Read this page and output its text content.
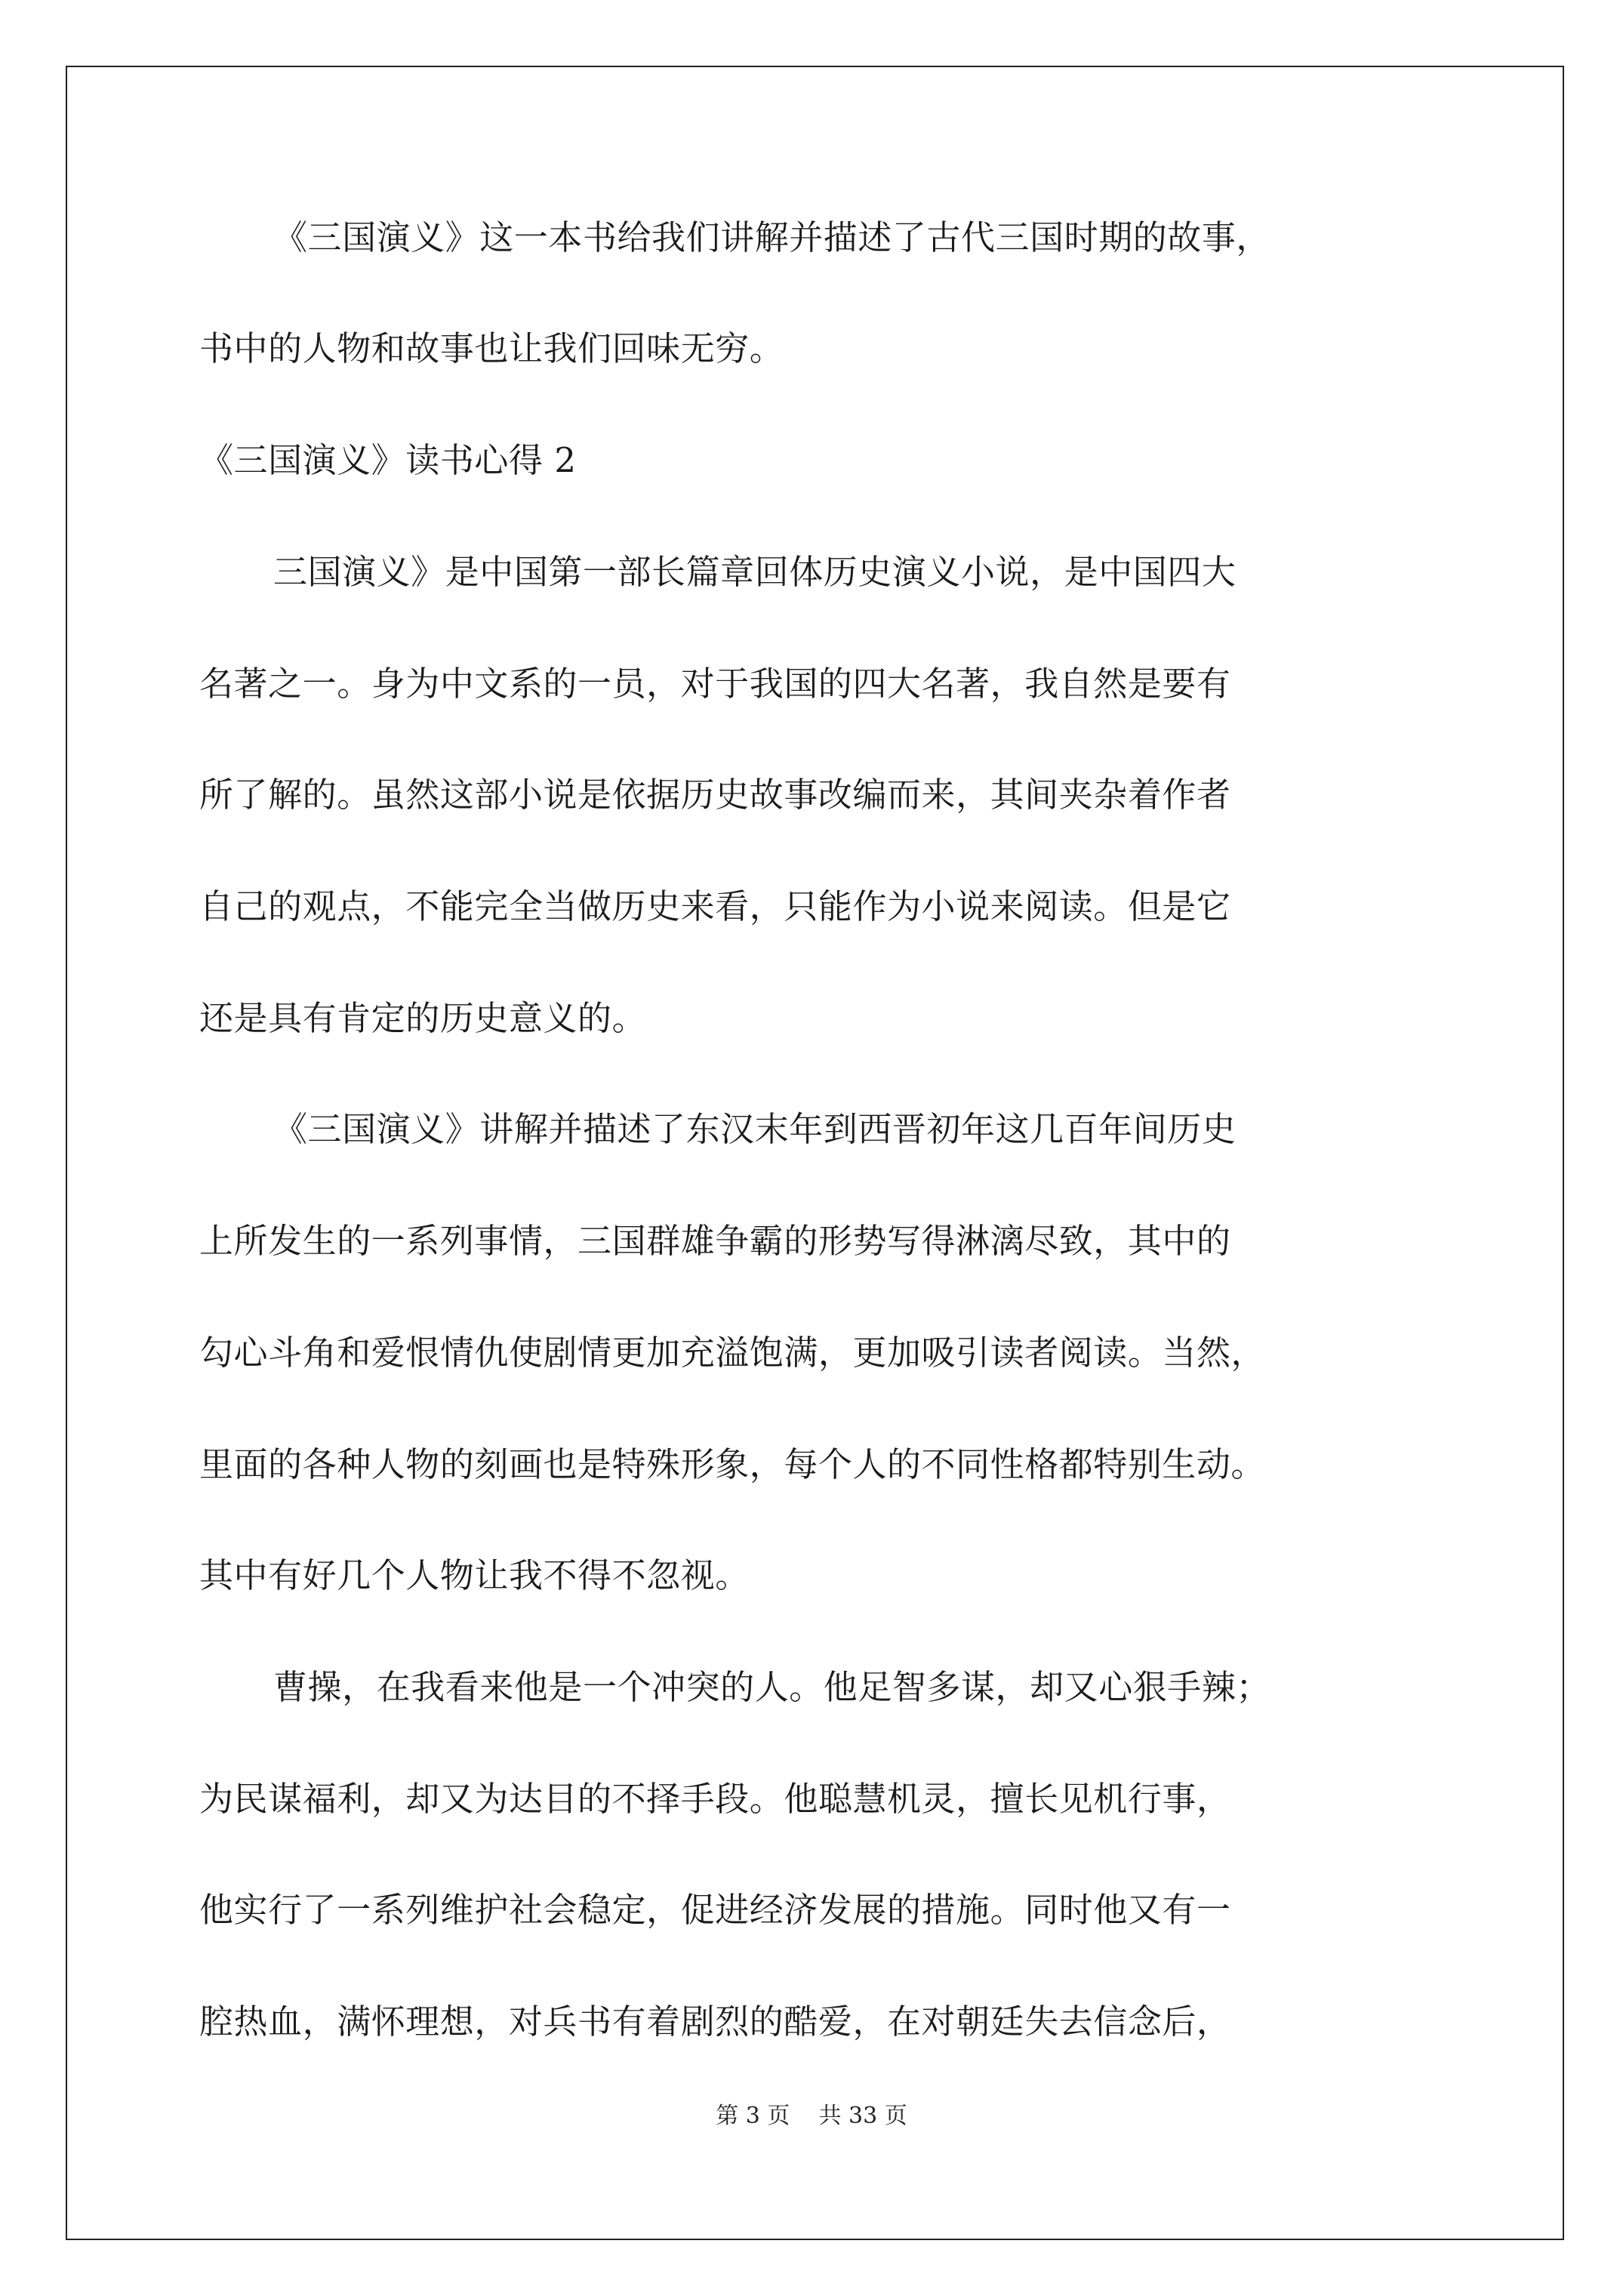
《三国演义》这一本书给我们讲解并描述了古代三国时期的故事，
书中的人物和故事也让我们回味无穷。
《三国演义》读书心得 2
三国演义》是中国第一部长篇章回体历史演义小说，是中国四大
名著之一。身为中文系的一员，对于我国的四大名著，我自然是要有
所了解的。虽然这部小说是依据历史故事改编而来，其间夹杂着作者
自己的观点，不能完全当做历史来看，只能作为小说来阅读。但是它
还是具有肯定的历史意义的。
《三国演义》讲解并描述了东汉末年到西晋初年这几百年间历史
上所发生的一系列事情，三国群雄争霸的形势写得淋漓尽致，其中的
勾心斗角和爱恨情仇使剧情更加充溢饱满，更加吸引读者阅读。当然，
里面的各种人物的刻画也是特殊形象，每个人的不同性格都特别生动。
其中有好几个人物让我不得不忽视。
曹操，在我看来他是一个冲突的人。他足智多谋，却又心狠手辣；
为民谋福利，却又为达目的不择手段。他聪慧机灵，擅长见机行事，
他实行了一系列维护社会稳定，促进经济发展的措施。同时他又有一
腔热血，满怀理想，对兵书有着剧烈的酷爱，在对朝廷失去信念后，
第 3 页    共 33 页
